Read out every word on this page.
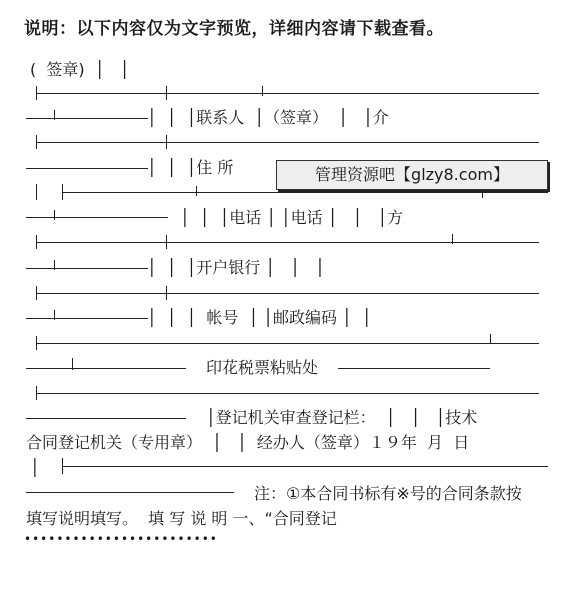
说明：以下内容仅为文字预览，详细内容请下载查看。
(  签章)  │   │
│  │  │联系人  │（签章）  │   │介
│  │  │住 所
│  │  │电话 │ │电话 │   │   │方
│  │  │开户银行 │   │   │
│  │  │  帐号  │ │邮政编码 │  │
印花税票粘贴处
│登记机关审查登记栏：  │   │   │技术
合同登记机关（专用章）  │   │  经办人（签章）１９年  月  日
│
注：①本合同书标有※号的合同条款按
填写说明填写。  填 写 说 明 一、“合同登记
••••••••••••••••••••••••
管理资源吧【glzy8.com】
